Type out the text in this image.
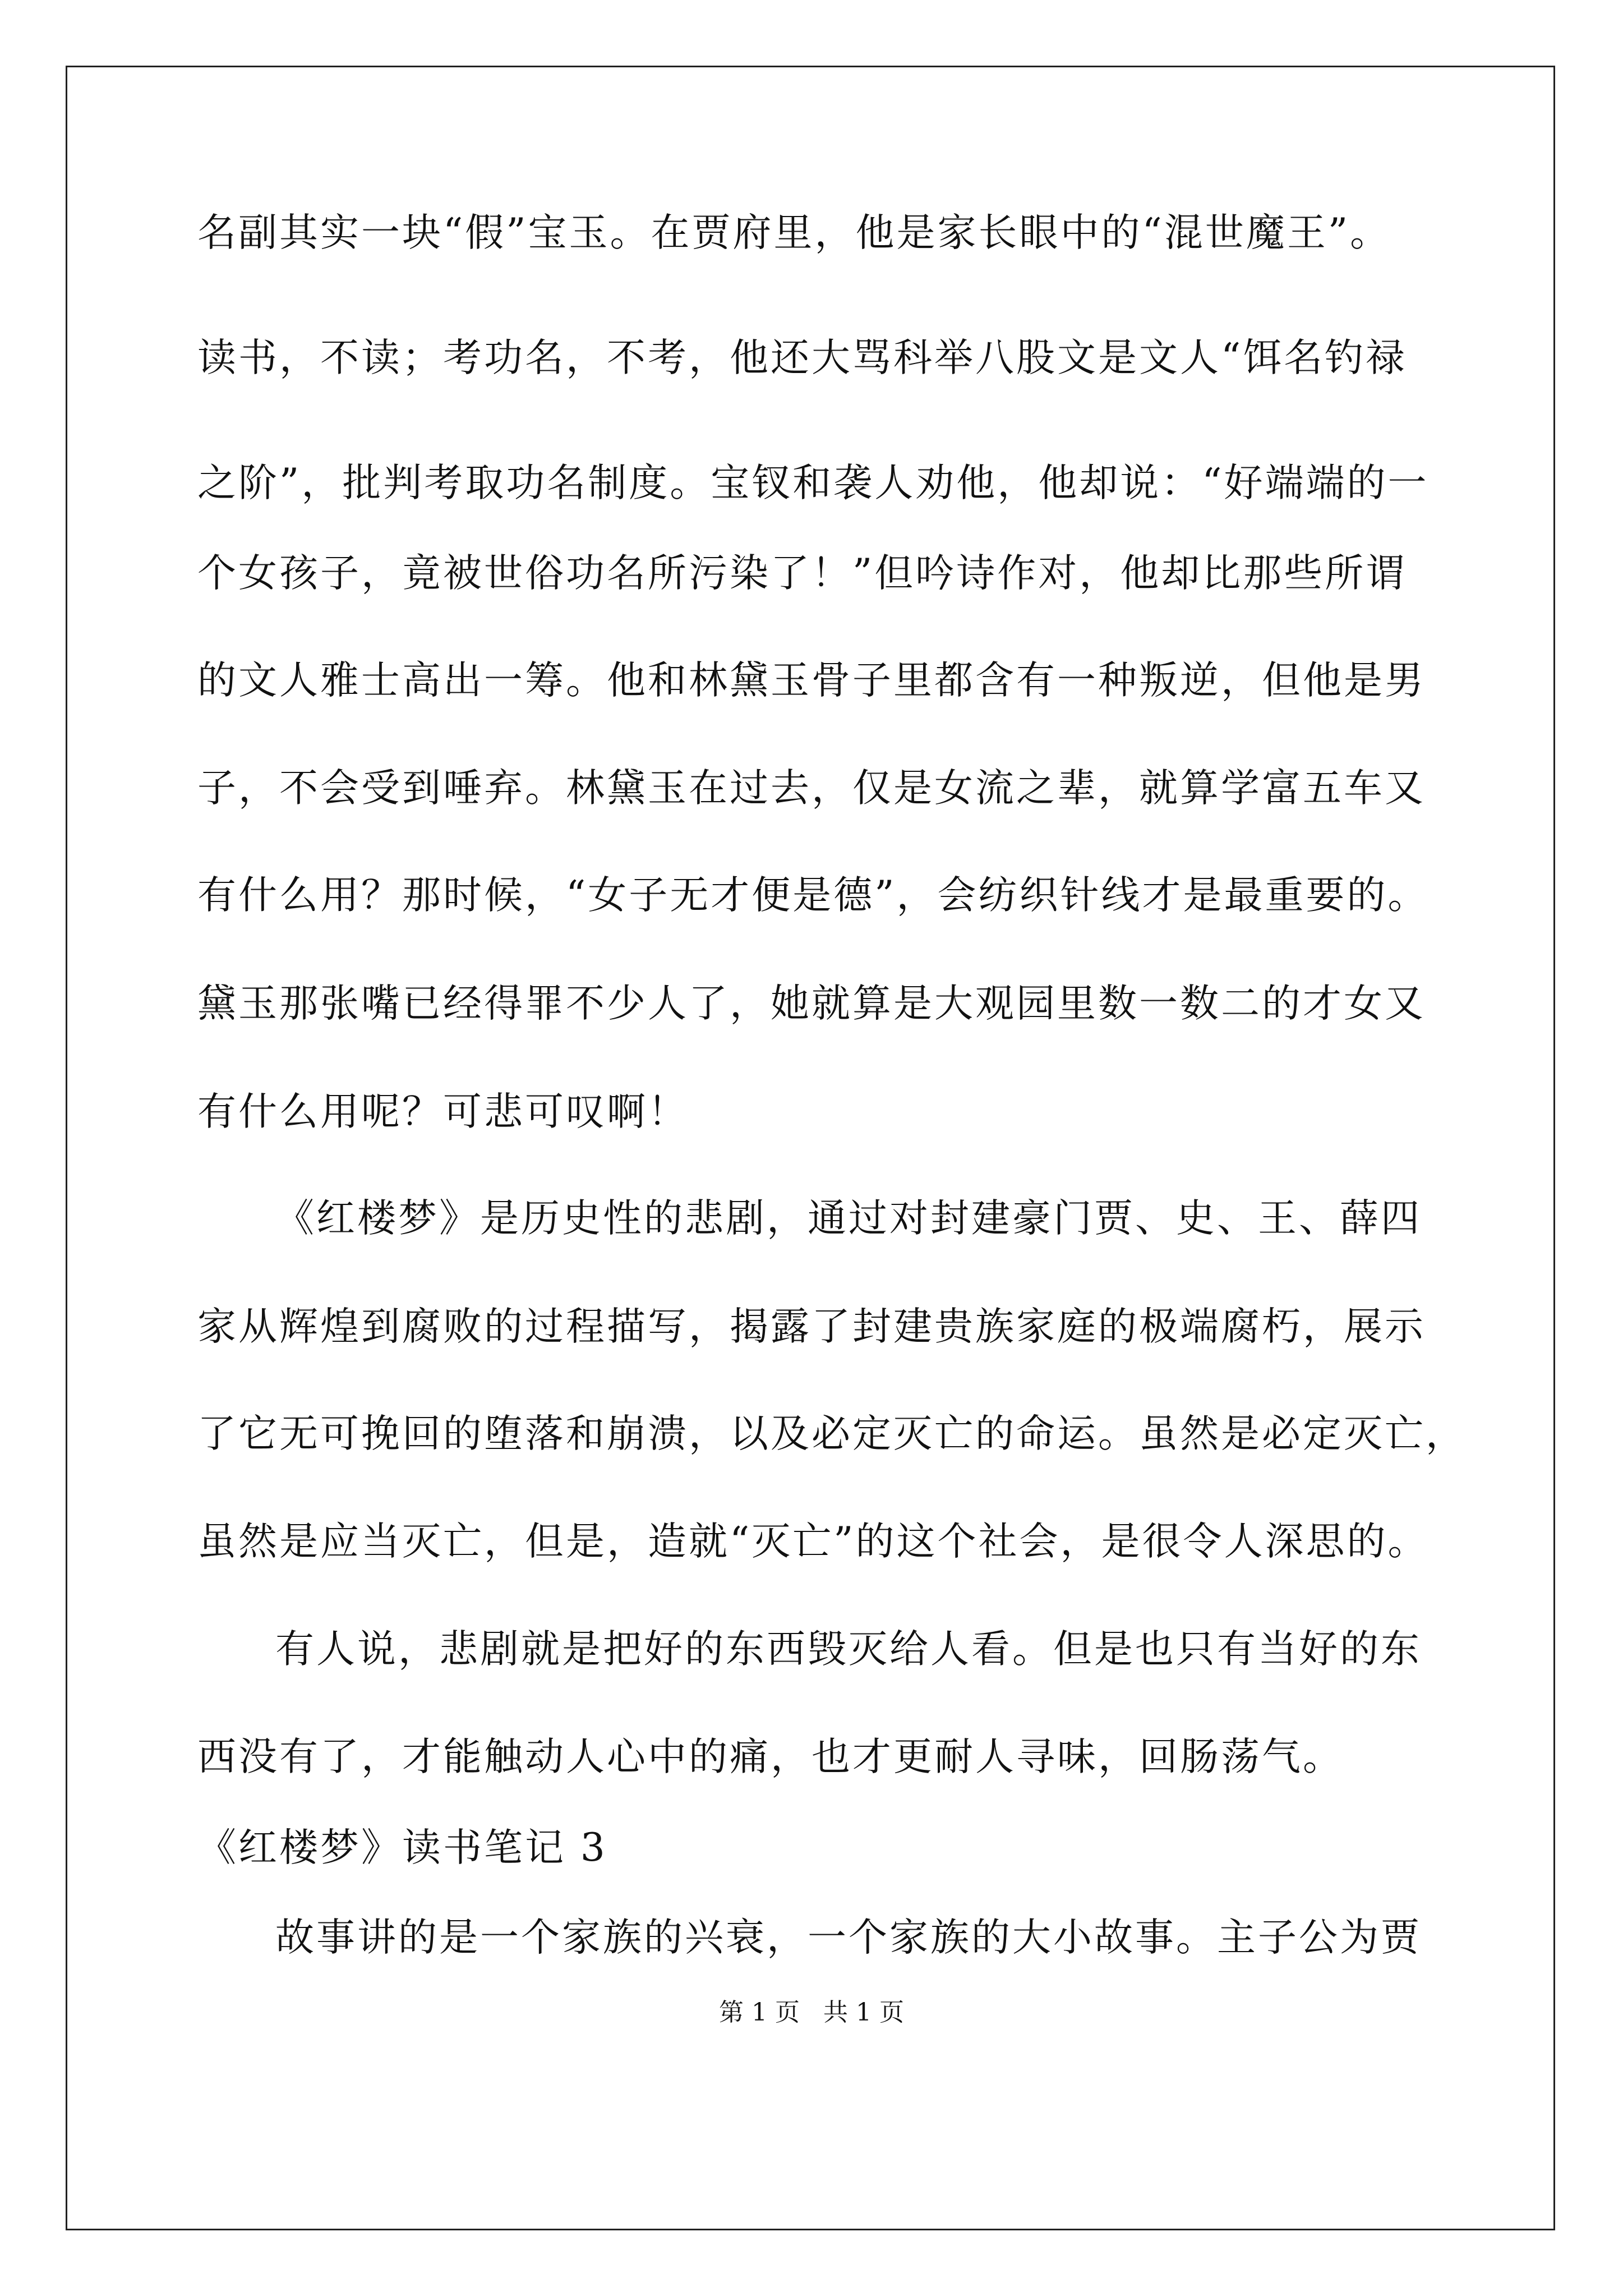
名副其实一块“假”宝玉。在贾府里，他是家长眼中的“混世魔王”。
读书，不读；考功名，不考，他还大骂科举八股文是文人“饵名钓禄
之阶”，批判考取功名制度。宝钗和袭人劝他，他却说：“好端端的一
个女孩子，竟被世俗功名所污染了！”但吟诗作对，他却比那些所谓
的文人雅士高出一筹。他和林黛玉骨子里都含有一种叛逆，但他是男
子，不会受到唾弃。林黛玉在过去，仅是女流之辈，就算学富五车又
有什么用？那时候，“女子无才便是德”，会纺织针线才是最重要的。
黛玉那张嘴已经得罪不少人了，她就算是大观园里数一数二的才女又
有什么用呢？可悲可叹啊！
《红楼梦》是历史性的悲剧，通过对封建豪门贾、史、王、薛四
家从辉煌到腐败的过程描写，揭露了封建贵族家庭的极端腐朽，展示
了它无可挽回的堕落和崩溃，以及必定灭亡的命运。虽然是必定灭亡，
虽然是应当灭亡，但是，造就“灭亡”的这个社会，是很令人深思的。
有人说，悲剧就是把好的东西毁灭给人看。但是也只有当好的东
西没有了，才能触动人心中的痛，也才更耐人寻味，回肠荡气。
《红楼梦》读书笔记 3
故事讲的是一个家族的兴衰，一个家族的大小故事。主子公为贾
第 1 页 共 1 页
